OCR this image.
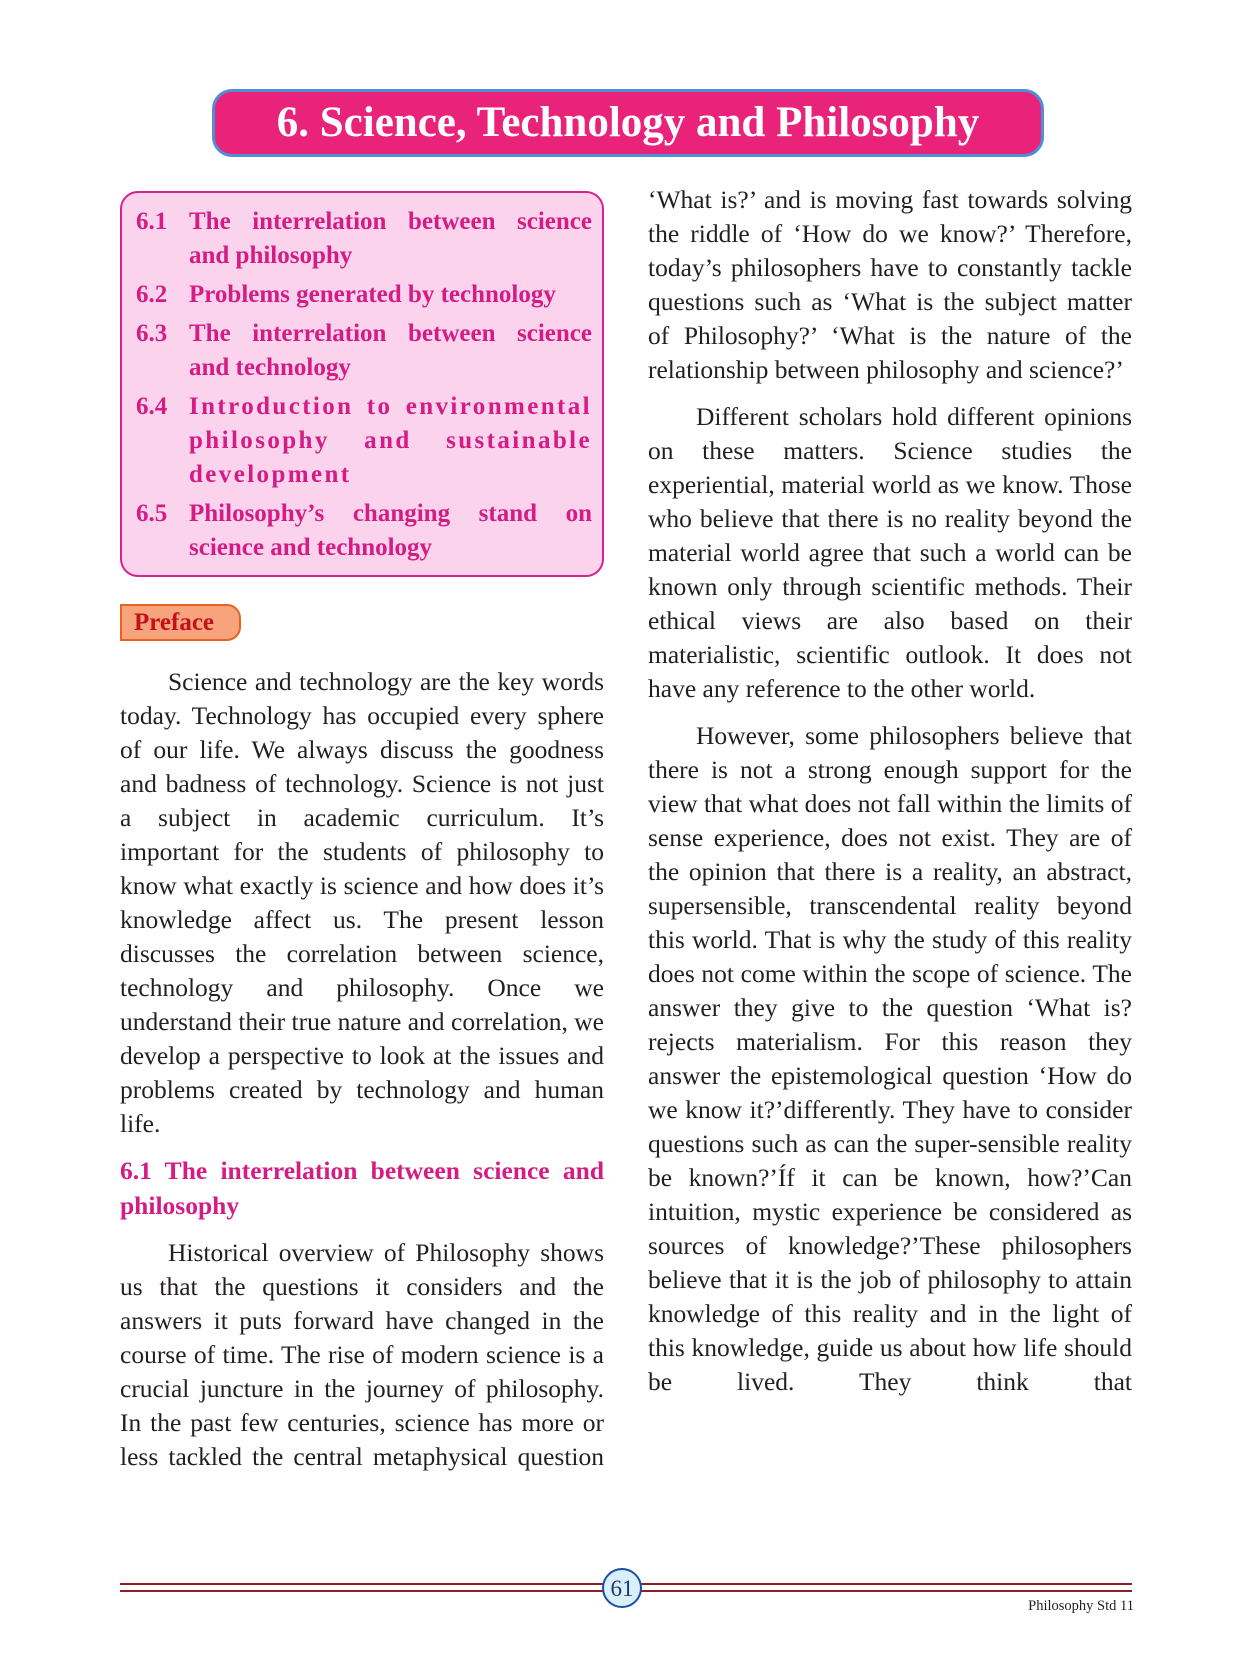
6. Science, Technology and Philosophy
6.1 The interrelation between science and philosophy
6.2 Problems generated by technology
6.3 The interrelation between science and technology
6.4 Introduction to environmental philosophy and sustainable development
6.5 Philosophy’s changing stand on science and technology
Preface

Science and technology are the key words today. Technology has occupied every sphere of our life. We always discuss the goodness and badness of technology. Science is not just a subject in academic curriculum. It’s important for the students of philosophy to know what exactly is science and how does it’s knowledge affect us. The present lesson discusses the correlation between science, technology and philosophy. Once we understand their true nature and correlation, we develop a perspective to look at the issues and problems created by technology and human life.

6.1 The interrelation between science and philosophy

Historical overview of Philosophy shows us that the questions it considers and the answers it puts forward have changed in the course of time. The rise of modern science is a crucial juncture in the journey of philosophy. In the past few centuries, science has more or less tackled the central metaphysical question

‘What is?’ and is moving fast towards solving the riddle of ‘How do we know?’ Therefore, today’s philosophers have to constantly tackle questions such as ‘What is the subject matter of Philosophy?’ ‘What is the nature of the relationship between philosophy and science?’

Different scholars hold different opinions on these matters. Science studies the experiential, material world as we know. Those who believe that there is no reality beyond the material world agree that such a world can be known only through scientific methods. Their ethical views are also based on their materialistic, scientific outlook. It does not have any reference to the other world.

However, some philosophers believe that there is not a strong enough support for the view that what does not fall within the limits of sense experience, does not exist. They are of the opinion that there is a reality, an abstract, supersensible, transcendental reality beyond this world. That is why the study of this reality does not come within the scope of science. The answer they give to the question ‘What is? rejects materialism. For this reason they answer the epistemological question ‘How do we know it?’differently. They have to consider questions such as can the super-sensible reality be known?’Íf it can be known, how?’Can intuition, mystic experience be considered as sources of knowledge?’These philosophers believe that it is the job of philosophy to attain knowledge of this reality and in the light of this knowledge, guide us about how life should be lived. They think that

61
Philosophy Std 11
